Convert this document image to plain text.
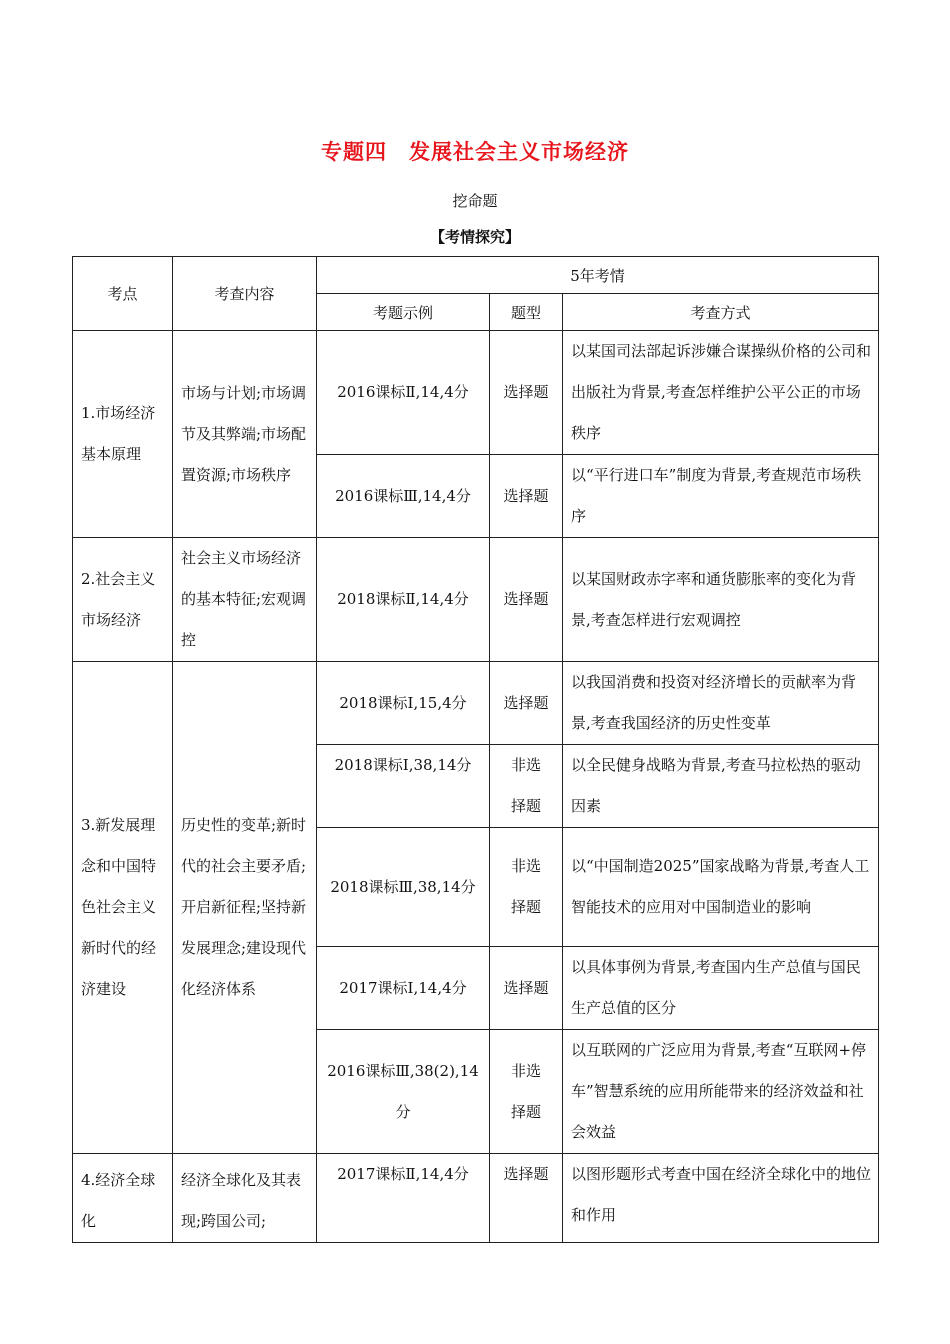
专题四　发展社会主义市场经济
挖命题
【考情探究】
考点	考查内容	5年考情		
		考题示例	题型	考查方式
1.市场经济基本原理	市场与计划;市场调节及其弊端;市场配置资源;市场秩序	2016课标Ⅱ,14,4分	选择题	以某国司法部起诉涉嫌合谋操纵价格的公司和出版社为背景,考查怎样维护公平公正的市场秩序
		2016课标Ⅲ,14,4分	选择题	以“平行进口车”制度为背景,考查规范市场秩序
2.社会主义市场经济	社会主义市场经济的基本特征;宏观调控	2018课标Ⅱ,14,4分	选择题	以某国财政赤字率和通货膨胀率的变化为背景,考查怎样进行宏观调控
3.新发展理念和中国特色社会主义新时代的经济建设	历史性的变革;新时代的社会主要矛盾;开启新征程;坚持新发展理念;建设现代化经济体系	2018课标Ⅰ,15,4分	选择题	以我国消费和投资对经济增长的贡献率为背景,考查我国经济的历史性变革
		2018课标Ⅰ,38,14分	非选择题	以全民健身战略为背景,考查马拉松热的驱动因素
		2018课标Ⅲ,38,14分	非选择题	以“中国制造2025”国家战略为背景,考查人工智能技术的应用对中国制造业的影响
		2017课标Ⅰ,14,4分	选择题	以具体事例为背景,考查国内生产总值与国民生产总值的区分
		2016课标Ⅲ,38(2),14分	非选择题	以互联网的广泛应用为背景,考查“互联网+停车”智慧系统的应用所能带来的经济效益和社会效益
4.经济全球化	经济全球化及其表现;跨国公司;	2017课标Ⅱ,14,4分	选择题	以图形题形式考查中国在经济全球化中的地位和作用
